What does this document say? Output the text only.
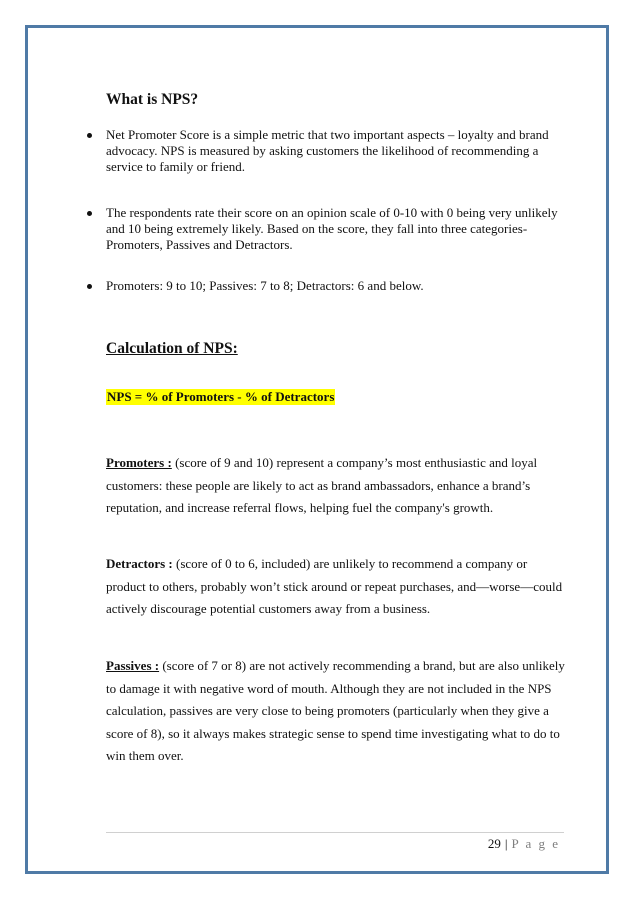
What is NPS?
Net Promoter Score is a simple metric that two important aspects – loyalty and brand advocacy. NPS is measured by asking customers the likelihood of recommending a service to family or friend.
The respondents rate their score on an opinion scale of 0-10 with 0 being very unlikely and 10 being extremely likely. Based on the score, they fall into three categories- Promoters, Passives and Detractors.
Promoters: 9 to 10; Passives: 7 to 8; Detractors: 6 and below.
Calculation of NPS:
NPS = % of Promoters - % of Detractors
Promoters : (score of 9 and 10) represent a company’s most enthusiastic and loyal customers: these people are likely to act as brand ambassadors, enhance a brand’s reputation, and increase referral flows, helping fuel the company's growth.
Detractors : (score of 0 to 6, included) are unlikely to recommend a company or product to others, probably won’t stick around or repeat purchases, and—worse—could actively discourage potential customers away from a business.
Passives : (score of 7 or 8) are not actively recommending a brand, but are also unlikely to damage it with negative word of mouth. Although they are not included in the NPS calculation, passives are very close to being promoters (particularly when they give a score of 8), so it always makes strategic sense to spend time investigating what to do to win them over.
29 | P a g e
